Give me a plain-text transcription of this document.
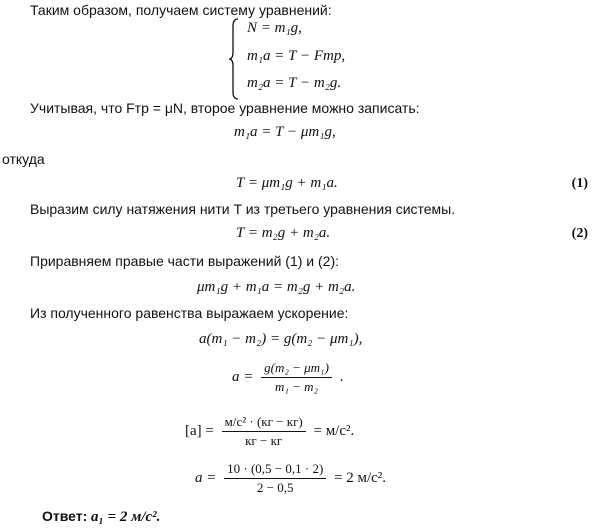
Таким образом, получаем систему уравнений:
N = m₁g,
m₁a = T − Fтр,
m₂a = T − m₂g.
Учитывая, что Fтр = μN, второе уравнение можно записать:
m₁a = T − μm₁g,
откуда
T = μm₁g + m₁a.	(1)
Выразим силу натяжения нити T из третьего уравнения системы.
T = m₂g + m₂a.	(2)
Приравняем правые части выражений (1) и (2):
μm₁g + m₁a = m₂g + m₂a.
Из полученного равенства выражаем ускорение:
a(m₁ − m₂) = g(m₂ − μm₁),
$a = \frac{\text{g(m₂ − μm₁)}}{\text{m₁ − m₂}}$ .
$[a] = \frac{\text{м/с² · (кг − кг)}}{кг - кг} = м/с^2$.
$a = \frac{10 \cdot (0,5 - 0,1 \cdot 2)}{2 - 0,5} = 2$ м/с².
Ответ: a₁ = 2 м/с².
